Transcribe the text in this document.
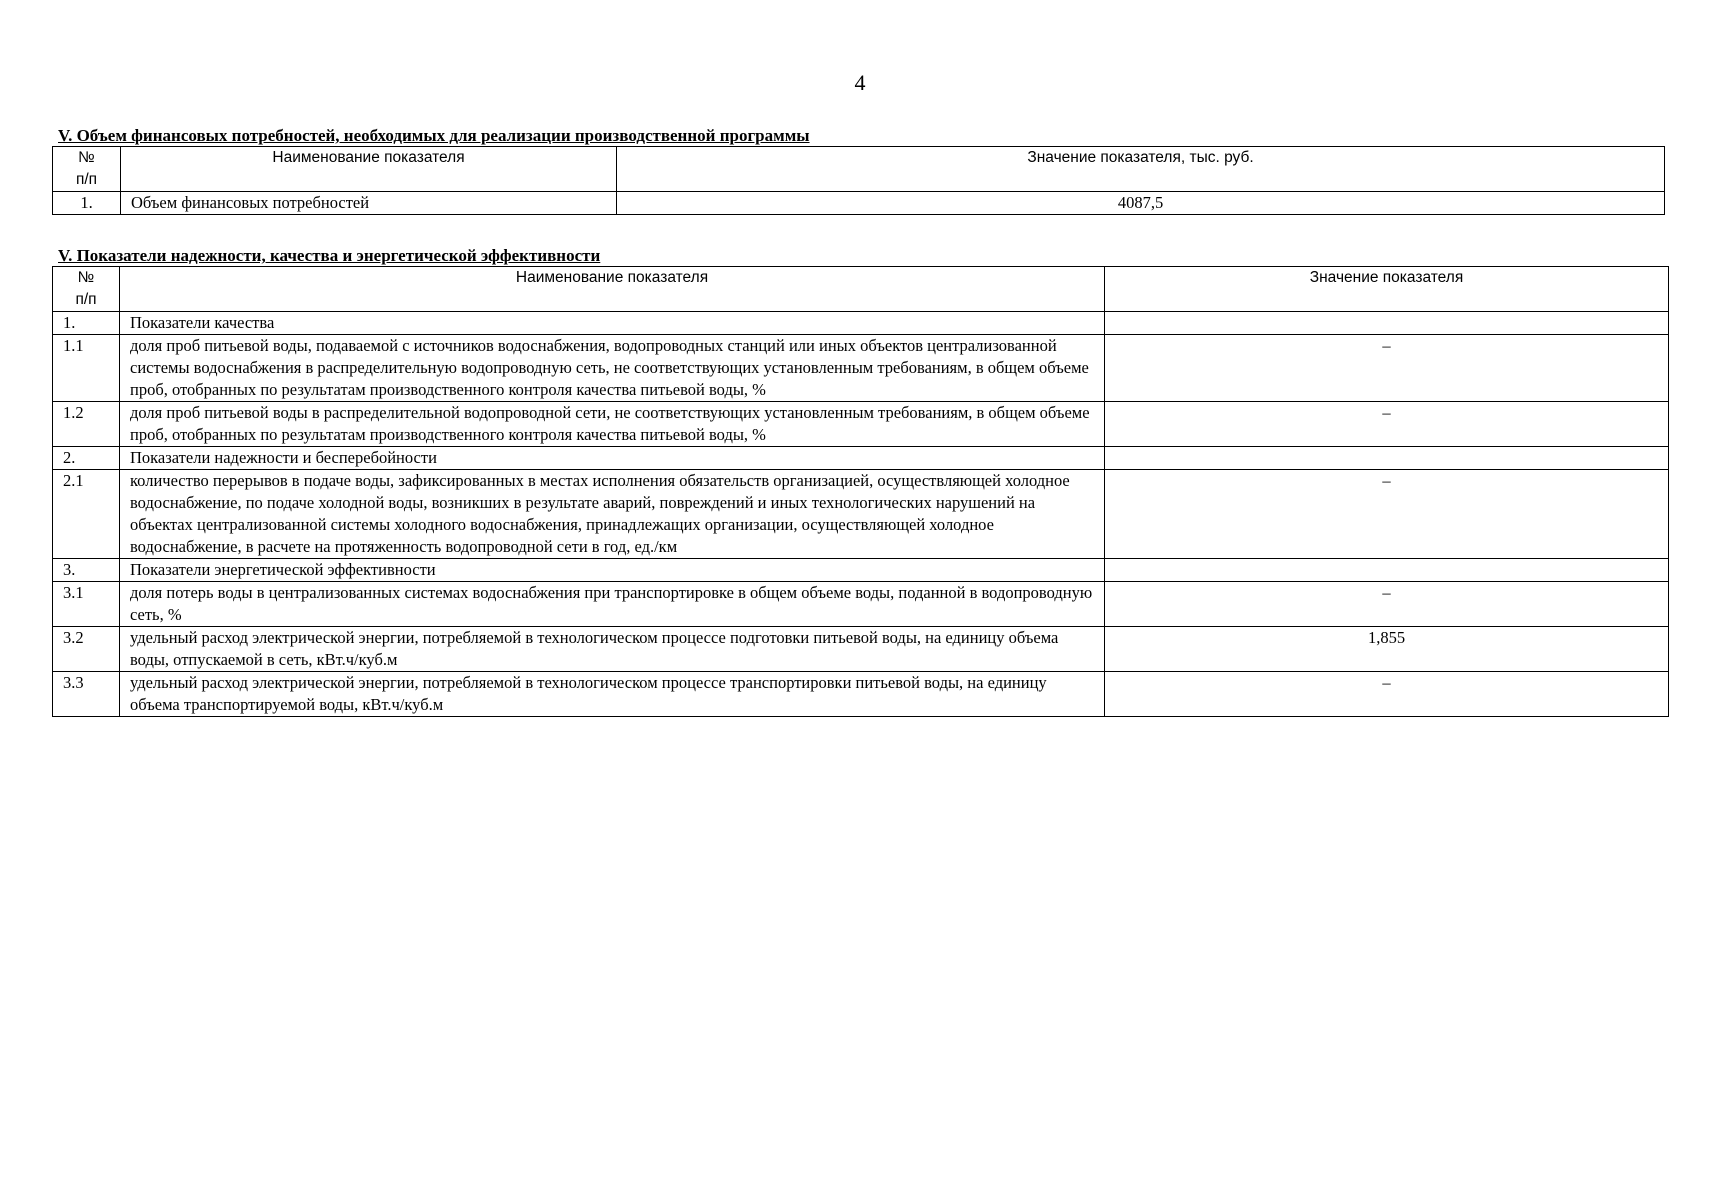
4
V. Объем финансовых потребностей, необходимых для реализации производственной программы
№
п/п	Наименование показателя	Значение показателя, тыс. руб.
1.	Объем финансовых потребностей	4087,5
V. Показатели надежности, качества и энергетической эффективности
№
п/п	Наименование показателя	Значение показателя
1.	Показатели качества	
1.1	доля проб питьевой воды, подаваемой с источников водоснабжения, водопроводных станций или иных объектов централизованной системы водоснабжения в распределительную водопроводную сеть, не соответствующих установленным требованиям, в общем объеме проб, отобранных по результатам производственного контроля качества питьевой воды, %	–
1.2	доля проб питьевой воды в распределительной водопроводной сети, не соответствующих установленным требованиям, в общем объеме проб, отобранных по результатам производственного контроля качества питьевой воды, %	–
2.	Показатели надежности и бесперебойности	
2.1	количество перерывов в подаче воды, зафиксированных в местах исполнения обязательств организацией, осуществляющей холодное водоснабжение, по подаче холодной воды, возникших в результате аварий, повреждений и иных технологических нарушений на объектах централизованной системы холодного водоснабжения, принадлежащих организации, осуществляющей холодное водоснабжение, в расчете на протяженность водопроводной сети в год, ед./км	–
3.	Показатели энергетической эффективности	
3.1	доля потерь воды в централизованных системах водоснабжения при транспортировке в общем объеме воды, поданной в водопроводную сеть, %	–
3.2	удельный расход электрической энергии, потребляемой в технологическом процессе подготовки питьевой воды, на единицу объема воды, отпускаемой в сеть, кВт.ч/куб.м	1,855
3.3	удельный расход электрической энергии, потребляемой в технологическом процессе транспортировки питьевой воды, на единицу объема транспортируемой воды, кВт.ч/куб.м	–
